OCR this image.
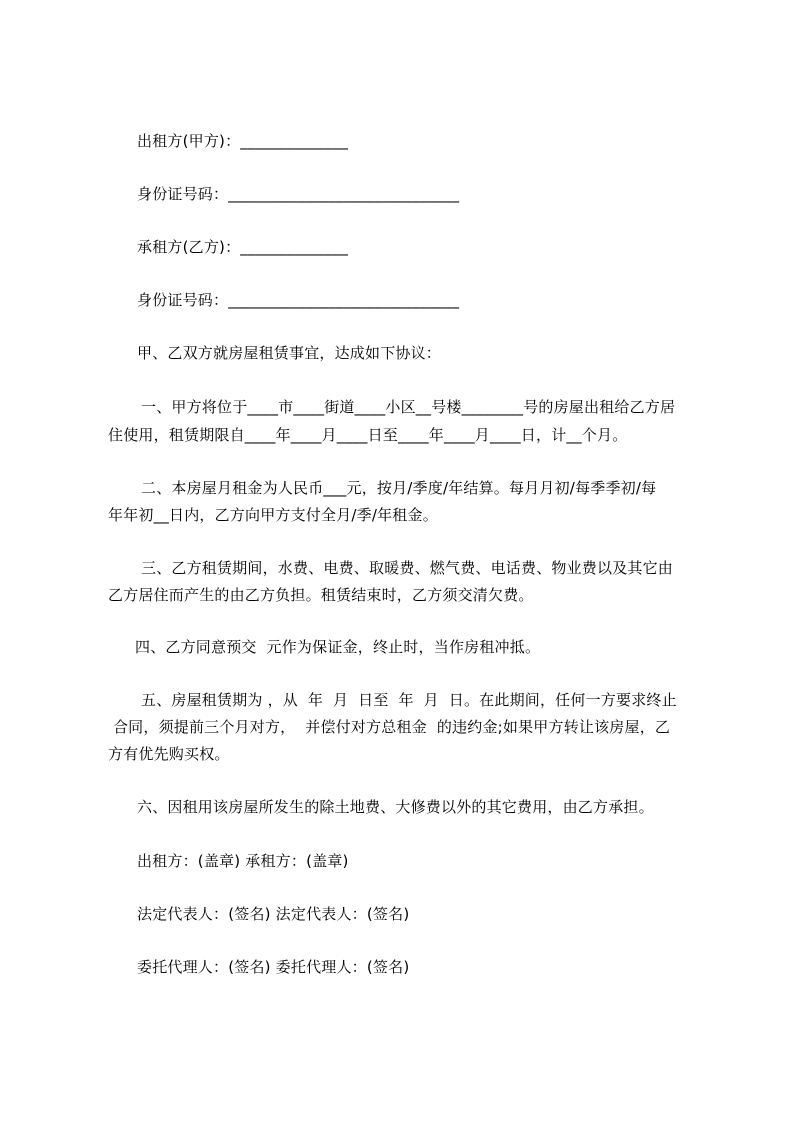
出租方(甲方)：______________
身份证号码：______________________________
承租方(乙方)：______________
身份证号码：______________________________
甲、乙双方就房屋租赁事宜，达成如下协议：
一、甲方将位于____市____街道____小区__号楼________号的房屋出租给乙方居
住使用，租赁期限自____年____月____日至____年____月____日，计__个月。
二、本房屋月租金为人民币___元，按月/季度/年结算。每月月初/每季季初/每
年年初__日内，乙方向甲方支付全月/季/年租金。
三、乙方租赁期间，水费、电费、取暖费、燃气费、电话费、物业费以及其它由
乙方居住而产生的由乙方负担。租赁结束时，乙方须交清欠费。
四、乙方同意预交  元作为保证金，终止时，当作房租冲抵。
五、房屋租赁期为 ，从  年  月  日至  年  月  日。在此期间，任何一方要求终止
合同，须提前三个月对方，  并偿付对方总租金  的违约金;如果甲方转让该房屋，乙
方有优先购买权。
六、因租用该房屋所发生的除土地费、大修费以外的其它费用，由乙方承担。
出租方：(盖章) 承租方：(盖章)
法定代表人：(签名) 法定代表人：(签名)
委托代理人：(签名) 委托代理人：(签名)
